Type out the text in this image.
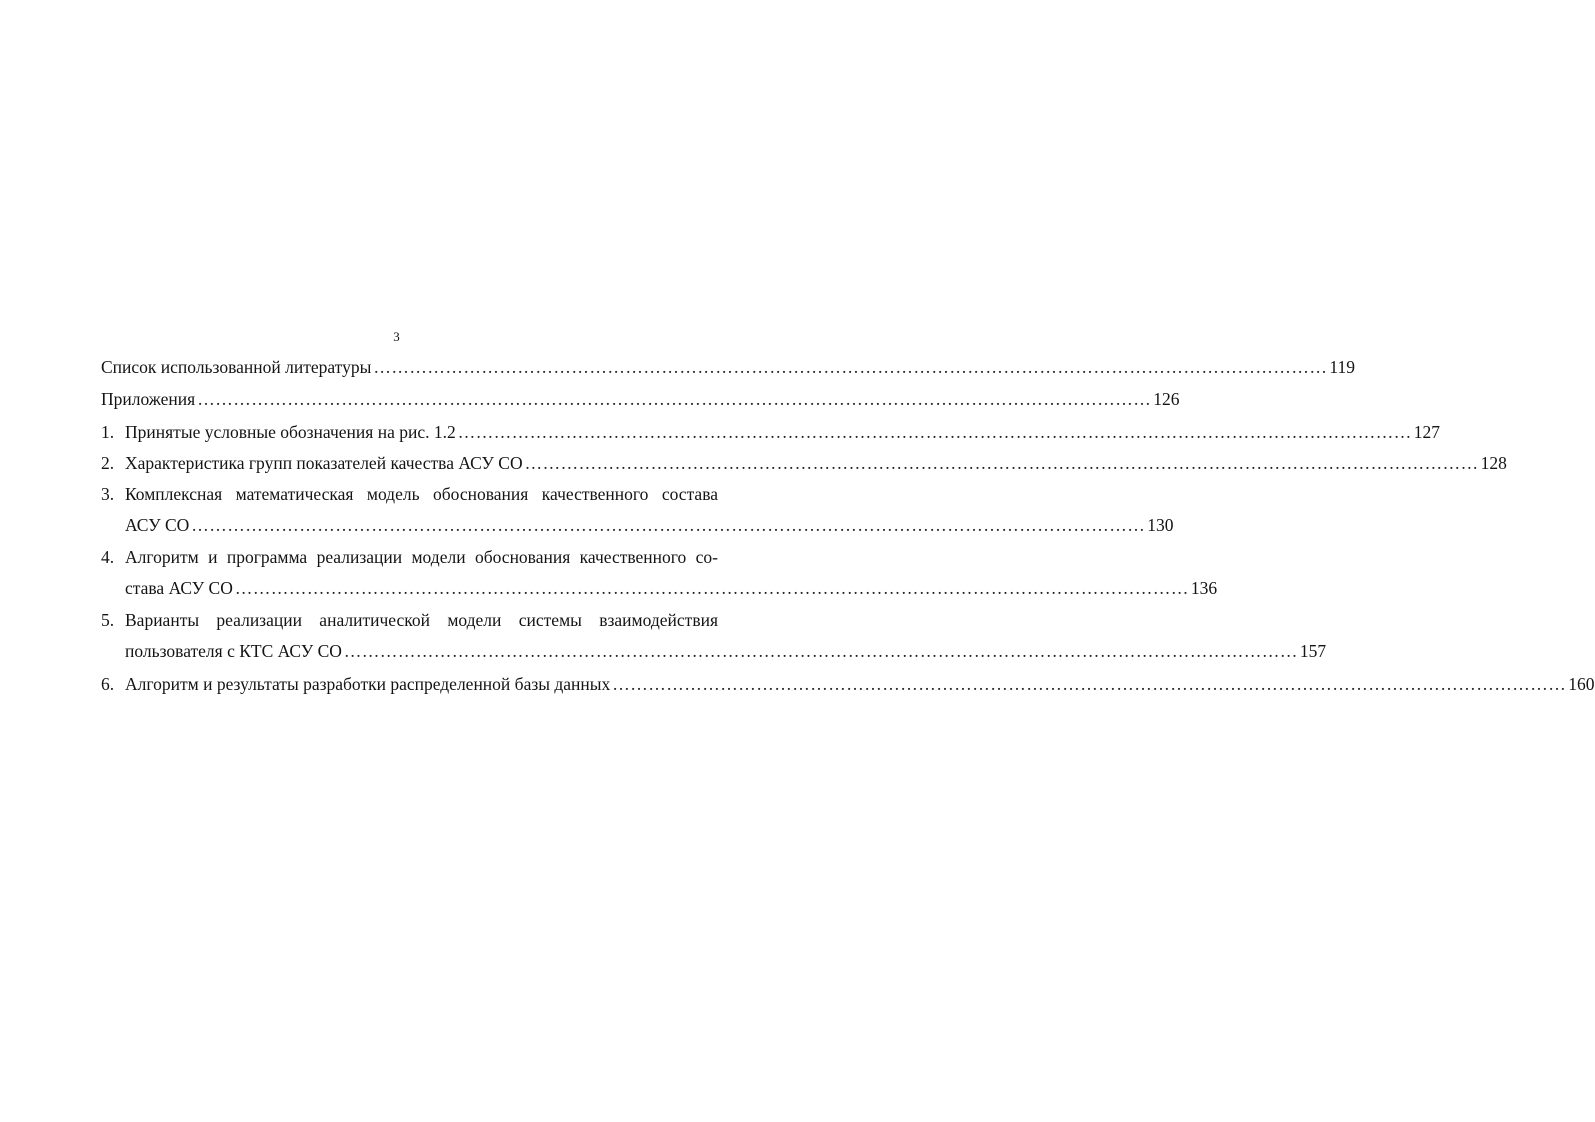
3
Список использованной литературы ……………………………………………………………………………………………………………………………………………	119
Приложения ……………………………………………………………………………………………………………………………………………	126
1. Принятые условные обозначения на рис. 1.2 ……………………………………………………………………………………………………………………………………………	127
2. Характеристика групп показателей качества АСУ СО ……………………………………………………………………………………………………………………………………………	128
3. Комплексная математическая модель обоснования качественного состава
АСУ СО ……………………………………………………………………………………………………………………………………………	130
4. Алгоритм и программа реализации модели обоснования качественного со-
става АСУ СО ……………………………………………………………………………………………………………………………………………	136
5. Варианты реализации аналитической модели системы взаимодействия
пользователя с КТС АСУ СО ……………………………………………………………………………………………………………………………………………	157
6. Алгоритм и результаты разработки распределенной базы данных ……………………………………………………………………………………………………………………………………………	160
